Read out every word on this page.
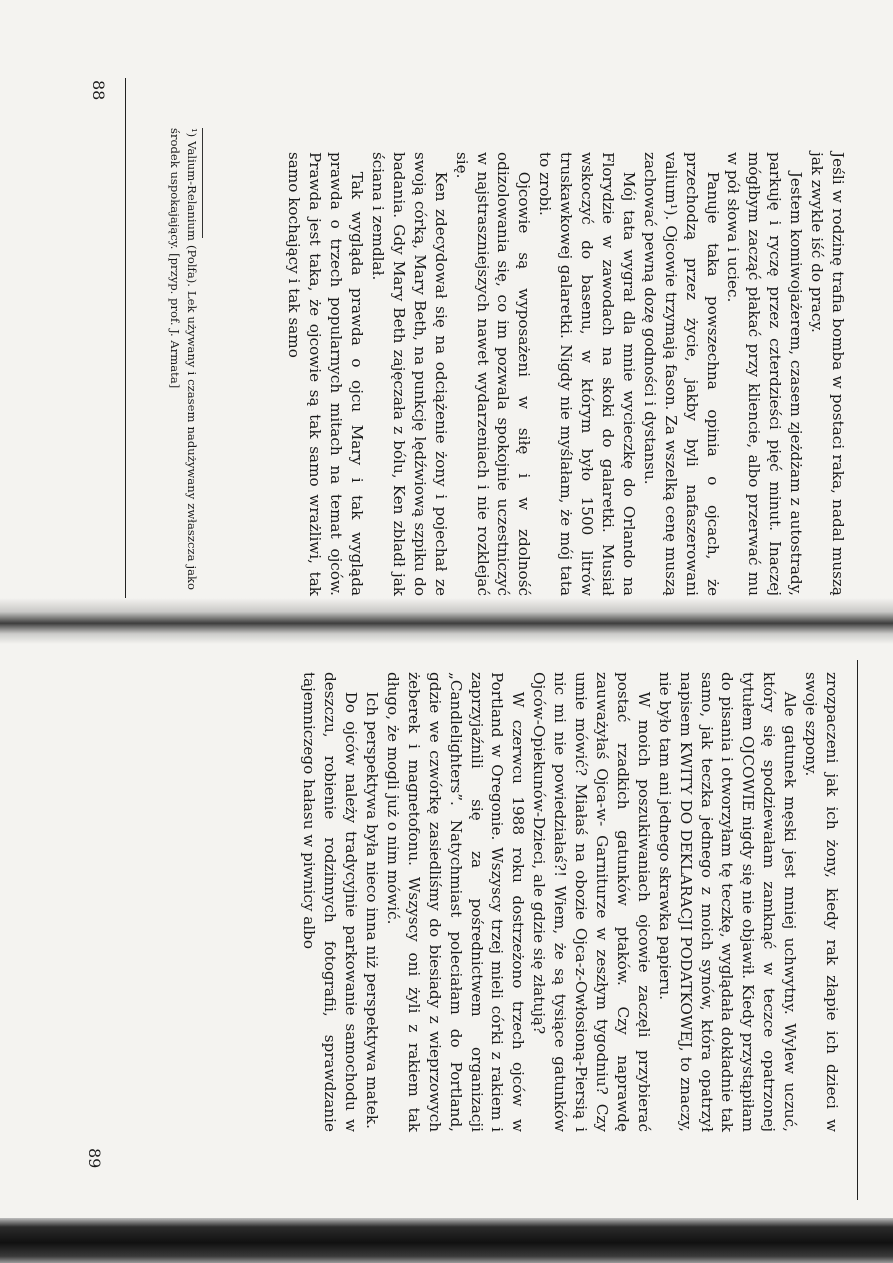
88

Jeśli w rodzinę trafia bomba w postaci raka, nadal muszą jak zwykle iść do pracy.

Jestem komiwojażerem, czasem zjeżdżam z autostrady, parkuję i ryczę przez czterdzieści pięć minut. Inaczej mógłbym zacząć płakać przy kliencie, albo przerwać mu w pół słowa i uciec.

Panuje taka powszechna opinia o ojcach, że przechodzą przez życie, jakby byli nafaszerowani valium¹). Ojcowie trzymają fason. Za wszelką cenę muszą zachować pewną dozę godności i dystansu.

Mój tata wygrał dla mnie wycieczkę do Orlando na Florydzie w zawodach na skoki do galaretki. Musiał wskoczyć do basenu, w którym było 1500 litrów truskawkowej galaretki. Nigdy nie myślałam, że mój tata to zrobi.

Ojcowie są wyposażeni w siłę i w zdolność odizolowania się, co im pozwala spokojnie uczestniczyć w najstraszniejszych nawet wydarzeniach i nie rozklejać się.

Ken zdecydował się na odciążenie żony i pojechał ze swoją córką, Mary Beth, na punkcję lędźwiową szpiku do badania. Gdy Mary Beth zajęczała z bólu, Ken zbladł jak ściana i zemdlał.

Tak wygląda prawda o ojcu Mary i tak wygląda prawda o trzech popularnych mitach na temat ojców. Prawda jest taka, że ojcowie są tak samo wrażliwi, tak samo kochający i tak samo

¹) Valium-Relanium (Polfa). Lek używany i czasem nadużywany zwłaszcza jako środek uspokajający. [przyp. prof. J. Armata]

zrozpaczeni jak ich żony, kiedy rak złapie ich dzieci w swoje szpony.

Ale gatunek męski jest mniej uchwytny. Wylew uczuć, który się spodziewałam zamknąć w teczce opatrzonej tytułem OJCOWIE nigdy się nie objawił. Kiedy przystąpiłam do pisania i otworzyłam tę teczkę, wyglądała dokładnie tak samo, jak teczka jednego z moich synów, która opatrzył napisem KWITY DO DEKLARACJI PODATKOWEJ, to znaczy, nie było tam ani jednego skrawka papieru.

W moich poszukiwaniach ojcowie zaczęli przybierać postać rzadkich gatunków ptaków. Czy naprawdę zauważyłaś Ojca-w- Garniturze w zeszłym tygodniu? Czy umie mówić? Miałaś na obozie Ojca-z-Owłosioną-Piersią i nic mi nie powiedziałaś?! Wiem, że są tysiące gatunków Ojców-Opiekunów-Dzieci, ale gdzie się złatują?

W czerwcu 1988 roku dostrzeżono trzech ojców w Portland w Oregonie. Wszyscy trzej mieli córki z rakiem i zaprzyjaźnili się za pośrednictwem organizacji „Candlelighters”. Natychmiast poleciałam do Portland, gdzie we czwórkę zasiedliśmy do biesiady z wieprzowych żeberek i magnetofonu. Wszyscy oni żyli z rakiem tak długo, że mogli już o nim mówić.

Ich perspektywa była nieco inna niż perspektywa matek.

Do ojców należy tradycyjnie parkowanie samochodu w deszczu, robienie rodzinnych fotografii, sprawdzanie tajemniczego hałasu w piwnicy albo

89
